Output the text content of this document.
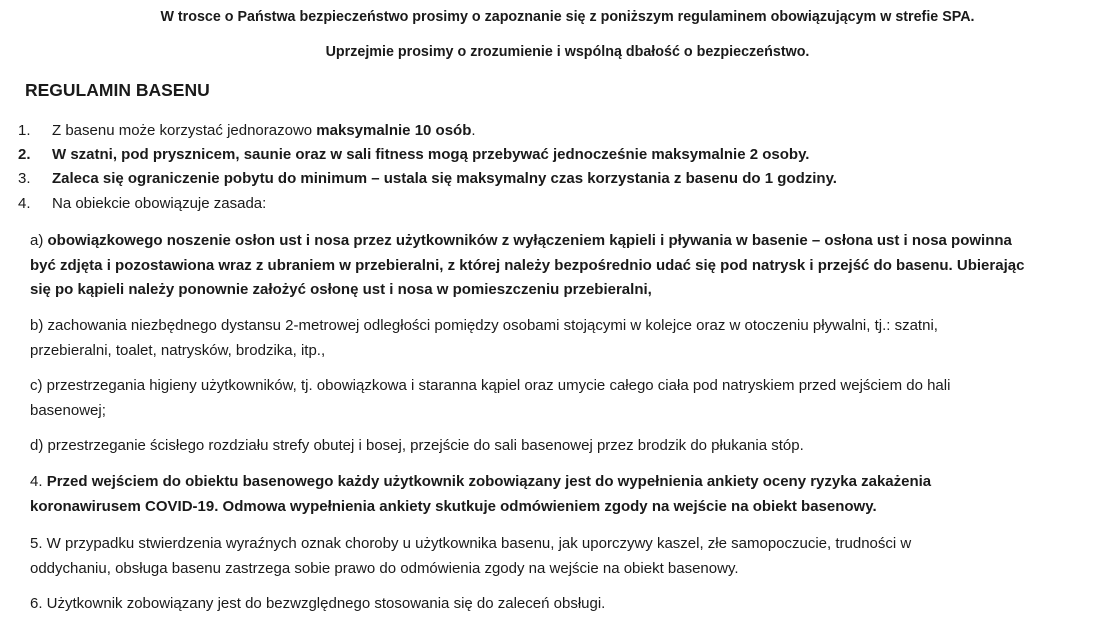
W trosce o Państwa bezpieczeństwo prosimy o zapoznanie się z poniższym regulaminem obowiązującym w strefie SPA.
Uprzejmie prosimy o zrozumienie i wspólną dbałość o bezpieczeństwo.
REGULAMIN BASENU
1.	Z basenu może korzystać jednorazowo maksymalnie 10 osób.
2.	W szatni, pod prysznicem, saunie oraz w sali fitness mogą przebywać jednocześnie maksymalnie 2 osoby.
3.	Zaleca się ograniczenie pobytu do minimum – ustala się maksymalny czas korzystania z basenu do 1 godziny.
4.	Na obiekcie obowiązuje zasada:
a) obowiązkowego noszenie osłon ust i nosa przez użytkowników z wyłączeniem kąpieli i pływania w basenie – osłona ust i nosa powinna
być zdjęta i pozostawiona wraz z ubraniem w przebieralni, z której należy bezpośrednio udać się pod natrysk i przejść do basenu. Ubierając
się po kąpieli należy ponownie założyć osłonę ust i nosa w pomieszczeniu przebieralni,
b) zachowania niezbędnego dystansu 2-metrowej odległości pomiędzy osobami stojącymi w kolejce oraz w otoczeniu pływalni, tj.: szatni,
przebieralni, toalet, natrysków, brodzika, itp.,
c) przestrzegania higieny użytkowników, tj. obowiązkowa i staranna kąpiel oraz umycie całego ciała pod natryskiem przed wejściem do hali
basenowej;
d) przestrzeganie ścisłego rozdziału strefy obutej i bosej, przejście do sali basenowej przez brodzik do płukania stóp.
4. Przed wejściem do obiektu basenowego każdy użytkownik zobowiązany jest do wypełnienia ankiety oceny ryzyka zakażenia
koronawirusem COVID-19. Odmowa wypełnienia ankiety skutkuje odmówieniem zgody na wejście na obiekt basenowy.
5. W przypadku stwierdzenia wyraźnych oznak choroby u użytkownika basenu, jak uporczywy kaszel, złe samopoczucie, trudności w
oddychaniu, obsługa basenu zastrzega sobie prawo do odmówienia zgody na wejście na obiekt basenowy.
6. Użytkownik zobowiązany jest do bezwzględnego stosowania się do zaleceń obsługi.
